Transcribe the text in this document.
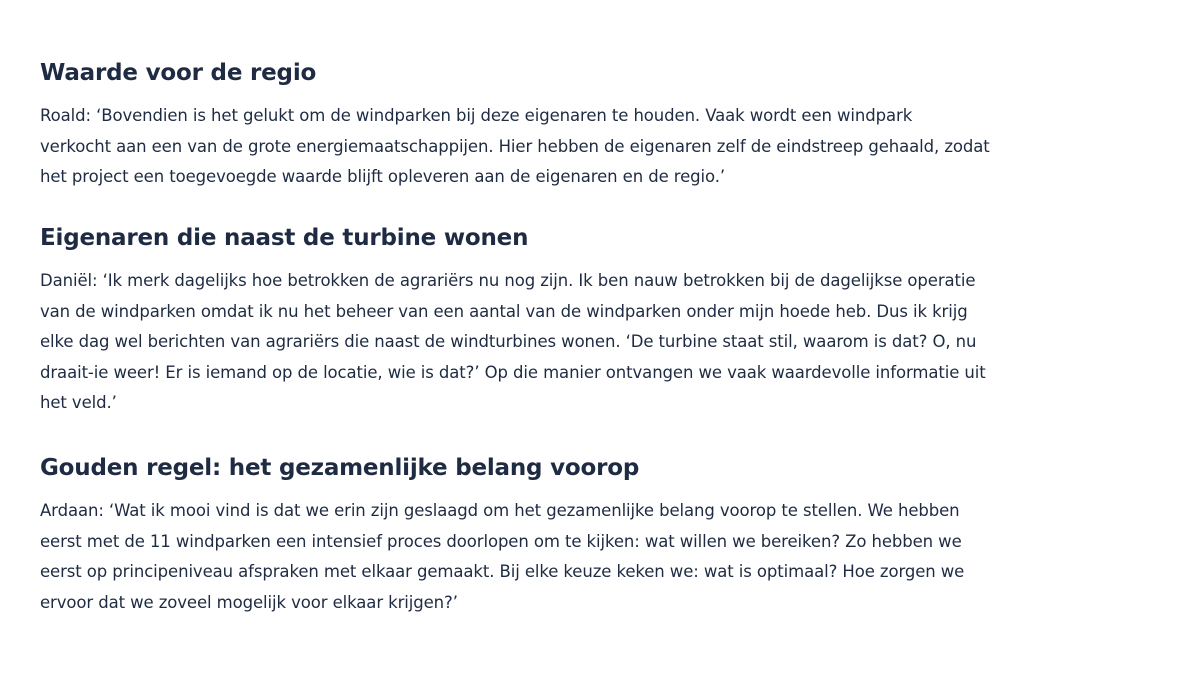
Waarde voor de regio

Roald: ‘Bovendien is het gelukt om de windparken bij deze eigenaren te houden. Vaak wordt een windpark
verkocht aan een van de grote energiemaatschappijen. Hier hebben de eigenaren zelf de eindstreep gehaald, zodat
het project een toegevoegde waarde blijft opleveren aan de eigenaren en de regio.’

Eigenaren die naast de turbine wonen

Daniël: ‘Ik merk dagelijks hoe betrokken de agrariërs nu nog zijn. Ik ben nauw betrokken bij de dagelijkse operatie
van de windparken omdat ik nu het beheer van een aantal van de windparken onder mijn hoede heb. Dus ik krijg
elke dag wel berichten van agrariërs die naast de windturbines wonen. ‘De turbine staat stil, waarom is dat? O, nu
draait-ie weer! Er is iemand op de locatie, wie is dat?’ Op die manier ontvangen we vaak waardevolle informatie uit
het veld.’

Gouden regel: het gezamenlijke belang voorop

Ardaan: ‘Wat ik mooi vind is dat we erin zijn geslaagd om het gezamenlijke belang voorop te stellen. We hebben
eerst met de 11 windparken een intensief proces doorlopen om te kijken: wat willen we bereiken? Zo hebben we
eerst op principeniveau afspraken met elkaar gemaakt. Bij elke keuze keken we: wat is optimaal? Hoe zorgen we
ervoor dat we zoveel mogelijk voor elkaar krijgen?’
